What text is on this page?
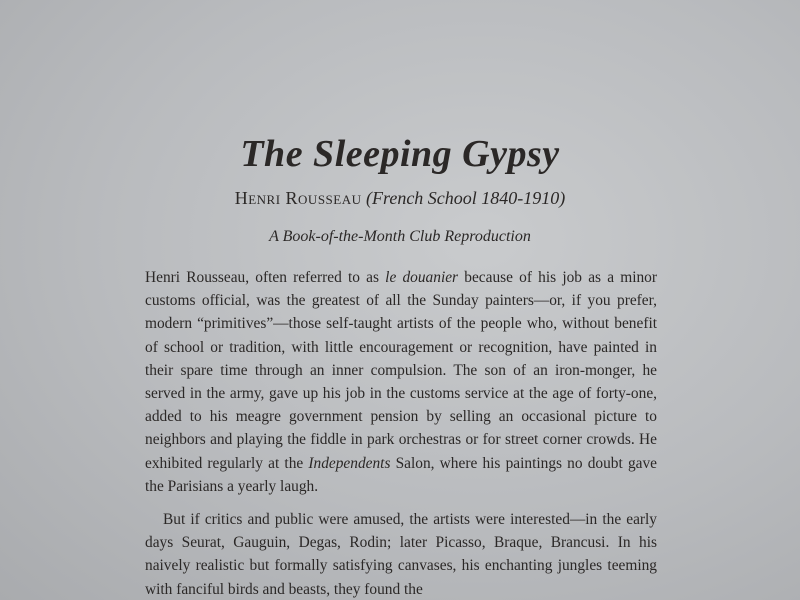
The Sleeping Gypsy

Henri Rousseau (French School 1840-1910)

A Book-of-the-Month Club Reproduction

Henri Rousseau, often referred to as le douanier because of his job as a minor customs official, was the greatest of all the Sunday painters—or, if you prefer, modern “primitives”—those self-taught artists of the people who, without benefit of school or tradition, with little encouragement or recognition, have painted in their spare time through an inner compulsion. The son of an iron-monger, he served in the army, gave up his job in the customs service at the age of forty-one, added to his meagre government pension by selling an occasional picture to neighbors and playing the fiddle in park orchestras or for street corner crowds. He exhibited regularly at the Independents Salon, where his paintings no doubt gave the Parisians a yearly laugh.

But if critics and public were amused, the artists were interested—in the early days Seurat, Gauguin, Degas, Rodin; later Picasso, Braque, Brancusi. In his naively realistic but formally satisfying canvases, his enchanting jungles teeming with fanciful birds and beasts, they found the
